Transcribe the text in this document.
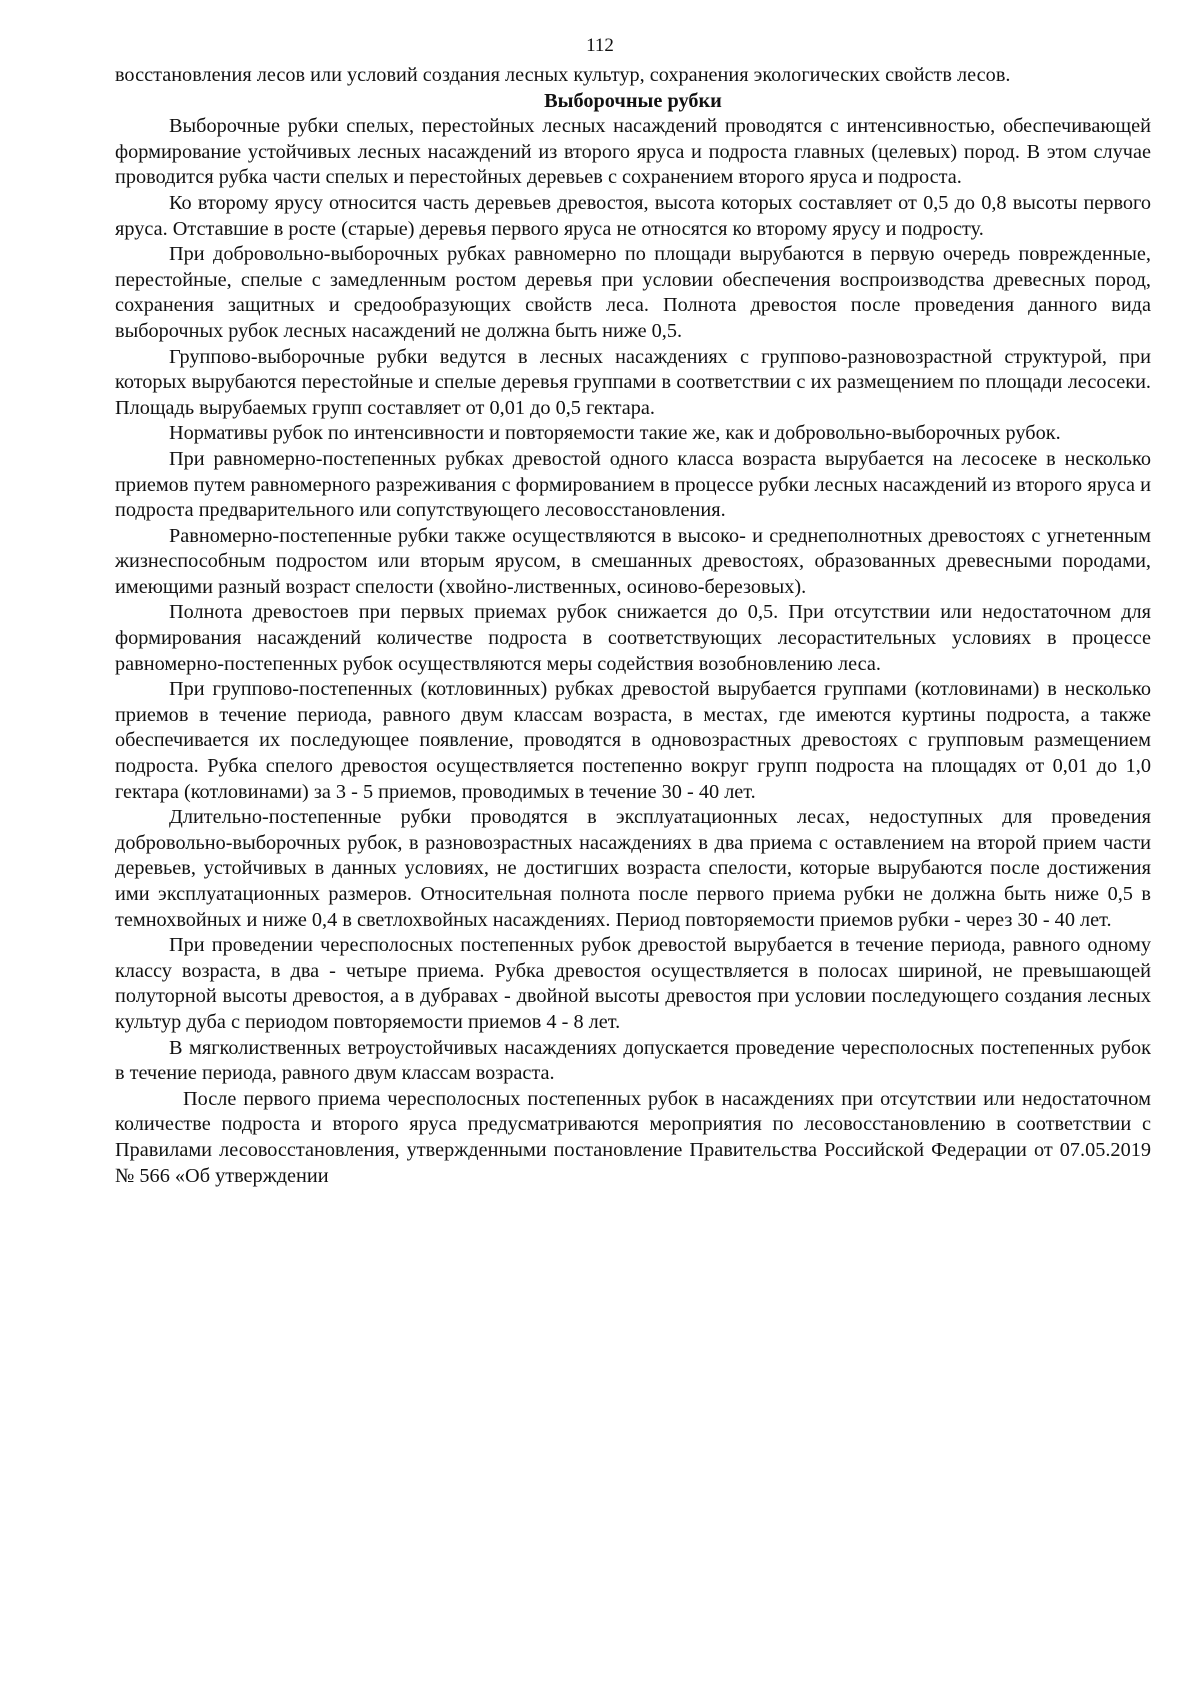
112

восстановления лесов или условий создания лесных культур, сохранения экологических свойств лесов.

Выборочные рубки

Выборочные рубки спелых, перестойных лесных насаждений проводятся с интенсивностью, обеспечивающей формирование устойчивых лесных насаждений из второго яруса и подроста главных (целевых) пород. В этом случае проводится рубка части спелых и перестойных деревьев с сохранением второго яруса и подроста.

Ко второму ярусу относится часть деревьев древостоя, высота которых составляет от 0,5 до 0,8 высоты первого яруса. Отставшие в росте (старые) деревья первого яруса не относятся ко второму ярусу и подросту.

При добровольно-выборочных рубках равномерно по площади вырубаются в первую очередь поврежденные, перестойные, спелые с замедленным ростом деревья при условии обеспечения воспроизводства древесных пород, сохранения защитных и средообразующих свойств леса. Полнота древостоя после проведения данного вида выборочных рубок лесных насаждений не должна быть ниже 0,5.

Группово-выборочные рубки ведутся в лесных насаждениях с группово-разновозрастной структурой, при которых вырубаются перестойные и спелые деревья группами в соответствии с их размещением по площади лесосеки. Площадь вырубаемых групп составляет от 0,01 до 0,5 гектара.

Нормативы рубок по интенсивности и повторяемости такие же, как и добровольно-выборочных рубок.

При равномерно-постепенных рубках древостой одного класса возраста вырубается на лесосеке в несколько приемов путем равномерного разреживания с формированием в процессе рубки лесных насаждений из второго яруса и подроста предварительного или сопутствующего лесовосстановления.

Равномерно-постепенные рубки также осуществляются в высоко- и среднеполнотных древостоях с угнетенным жизнеспособным подростом или вторым ярусом, в смешанных древостоях, образованных древесными породами, имеющими разный возраст спелости (хвойно-лиственных, осиново-березовых).

Полнота древостоев при первых приемах рубок снижается до 0,5. При отсутствии или недостаточном для формирования насаждений количестве подроста в соответствующих лесорастительных условиях в процессе равномерно-постепенных рубок осуществляются меры содействия возобновлению леса.

При группово-постепенных (котловинных) рубках древостой вырубается группами (котловинами) в несколько приемов в течение периода, равного двум классам возраста, в местах, где имеются куртины подроста, а также обеспечивается их последующее появление, проводятся в одновозрастных древостоях с групповым размещением подроста. Рубка спелого древостоя осуществляется постепенно вокруг групп подроста на площадях от 0,01 до 1,0 гектара (котловинами) за 3 - 5 приемов, проводимых в течение 30 - 40 лет.

Длительно-постепенные рубки проводятся в эксплуатационных лесах, недоступных для проведения добровольно-выборочных рубок, в разновозрастных насаждениях в два приема с оставлением на второй прием части деревьев, устойчивых в данных условиях, не достигших возраста спелости, которые вырубаются после достижения ими эксплуатационных размеров. Относительная полнота после первого приема рубки не должна быть ниже 0,5 в темнохвойных и ниже 0,4 в светлохвойных насаждениях. Период повторяемости приемов рубки - через 30 - 40 лет.

При проведении чересполосных постепенных рубок древостой вырубается в течение периода, равного одному классу возраста, в два - четыре приема. Рубка древостоя осуществляется в полосах шириной, не превышающей полуторной высоты древостоя, а в дубравах - двойной высоты древостоя при условии последующего создания лесных культур дуба с периодом повторяемости приемов 4 - 8 лет.

В мягколиственных ветроустойчивых насаждениях допускается проведение чересполосных постепенных рубок в течение периода, равного двум классам возраста.

После первого приема чересполосных постепенных рубок в насаждениях при отсутствии или недостаточном количестве подроста и второго яруса предусматриваются мероприятия по лесовосстановлению в соответствии с Правилами лесовосстановления, утвержденными постановление Правительства Российской Федерации от 07.05.2019 № 566 «Об утверждении
